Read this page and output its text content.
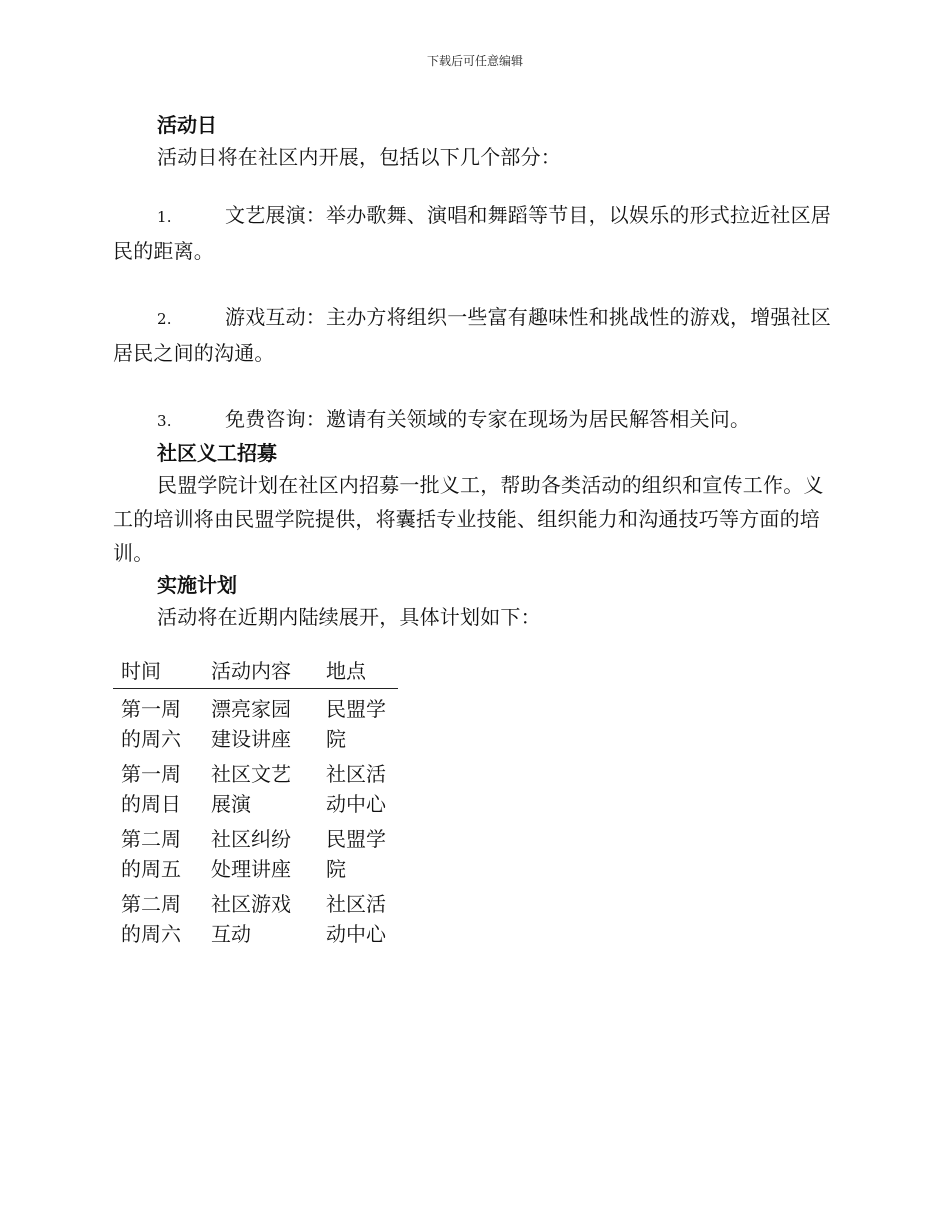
下载后可任意编辑
活动日

活动日将在社区内开展，包括以下几个部分：

1.	文艺展演：举办歌舞、演唱和舞蹈等节目，以娱乐的形式拉近社区居民的距离。
2.	游戏互动：主办方将组织一些富有趣味性和挑战性的游戏，增强社区居民之间的沟通。
3.	免费咨询：邀请有关领域的专家在现场为居民解答相关问。
社区义工招募

民盟学院计划在社区内招募一批义工，帮助各类活动的组织和宣传工作。义工的培训将由民盟学院提供，将囊括专业技能、组织能力和沟通技巧等方面的培训。

实施计划

活动将在近期内陆续展开，具体计划如下：

时间	活动内容	地点
第一周的周六	漂亮家园建设讲座	民盟学院
第一周的周日	社区文艺展演	社区活动中心
第二周的周五	社区纠纷处理讲座	民盟学院
第二周的周六	社区游戏互动	社区活动中心
